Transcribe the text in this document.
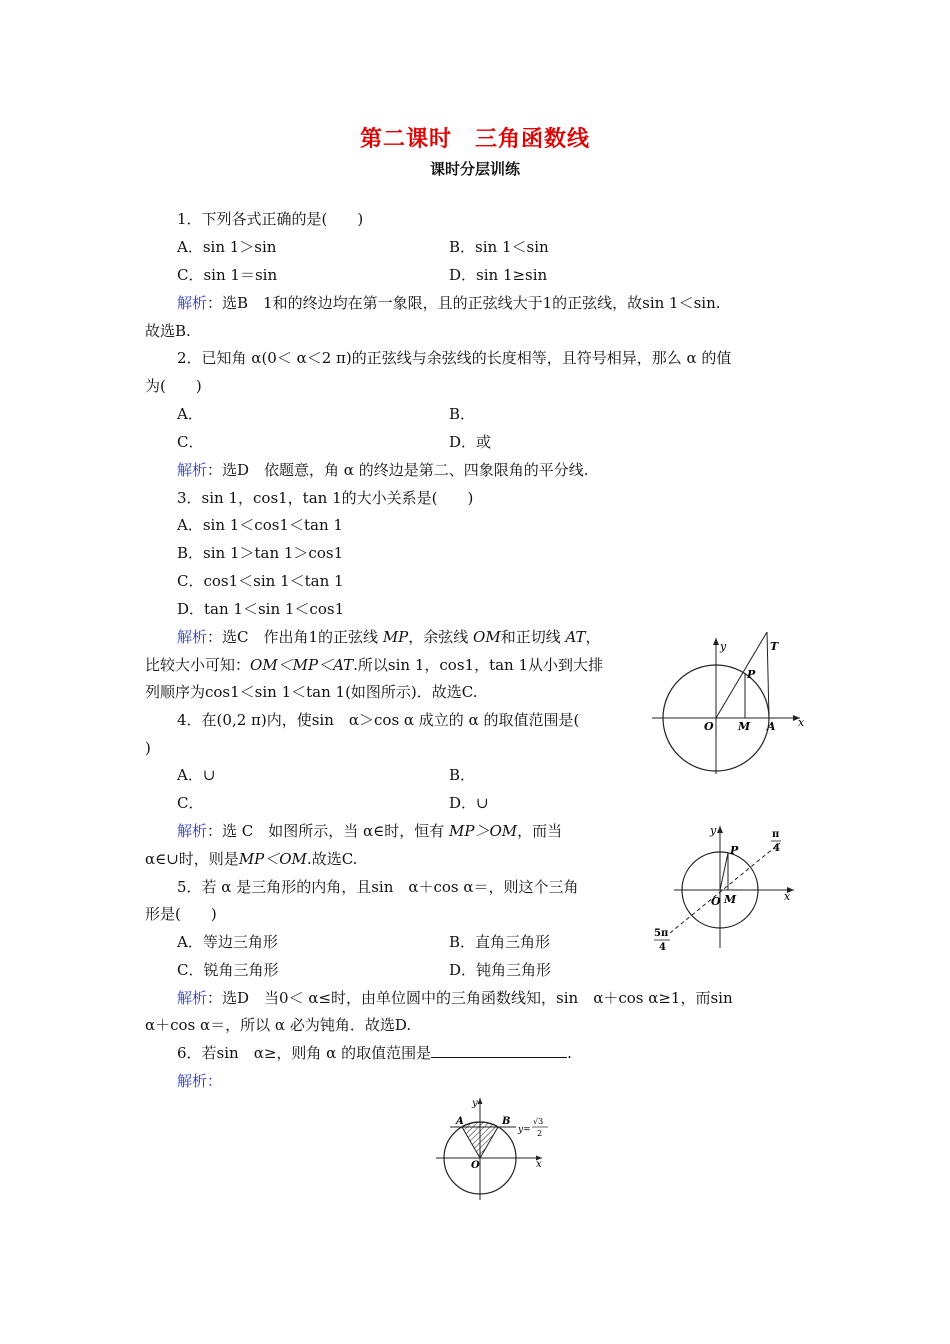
第二课时　三角函数线
课时分层训练
1．下列各式正确的是(　　)
A．sin 1＞sin	B．sin 1＜sin
C．sin 1＝sin	D．sin 1≥sin
解析：选B　1和的终边均在第一象限，且的正弦线大于1的正弦线，故sin 1＜sin.
故选B.
2．已知角 α(0＜ α＜2 π)的正弦线与余弦线的长度相等，且符号相异，那么 α 的值
为(　　)
A．	B．
C．	D．或
解析：选D　依题意，角 α 的终边是第二、四象限角的平分线.
3．sin 1，cos1，tan 1的大小关系是(　　)
A．sin 1＜cos1＜tan 1
B．sin 1＞tan 1＞cos1
C．cos1＜sin 1＜tan 1
D．tan 1＜sin 1＜cos1
解析：选C　作出角1的正弦线 MP，余弦线 OM和正切线 AT，
比较大小可知：OM＜MP＜AT.所以sin 1，cos1，tan 1从小到大排
列顺序为cos1＜sin 1＜tan 1(如图所示)．故选C.
y	T
P
O M A x
4．在(0,2 π)内，使sin　α＞cos α 成立的 α 的取值范围是(
)
A．∪	B．
C．	D．∪
解析：选 C　如图所示，当 α∈时，恒有 MP＞OM，而当
α∈∪时，则是MP＜OM.故选C.
y
P
O M	x
π
4
5π
4
5．若 α 是三角形的内角，且sin　α＋cos α＝，则这个三角
形是(　　)
A．等边三角形	B．直角三角形
C．锐角三角形	D．钝角三角形
解析：选D　当0＜ α≤时，由单位圆中的三角函数线知，sin　α＋cos α≥1，而sin
α＋cos α＝，所以 α 必为钝角．故选D.
6．若sin　α≥，则角 α 的取值范围是	.
解析：
y
A	B
O	x
y=
√3
2
